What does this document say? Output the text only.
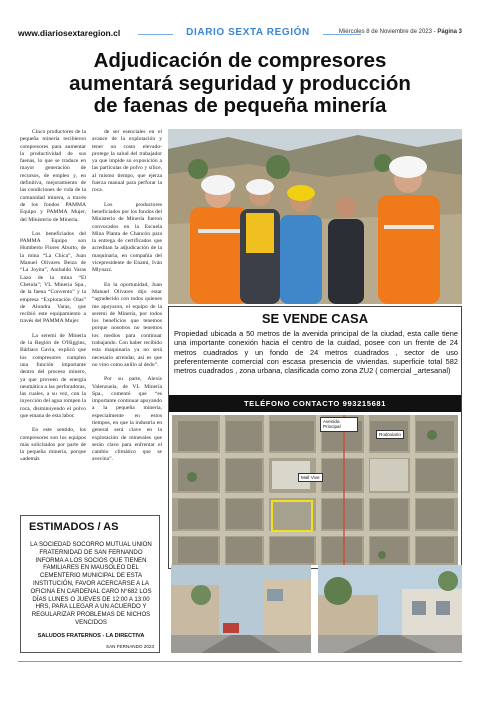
www.diariosextaregion.cl	DIARIO SEXTA REGIÓN	Miércoles 8 de Noviembre de 2023 - Página 3
Adjudicación de compresores
aumentará seguridad y producción
de faenas de pequeña minería

Cinco productores de la pequeña minería recibieron compresores para aumentar la productividad de sus faenas, lo que se traduce en mayor generación de recursos, de empleo y, en definitiva, mejoramiento de las condiciones de vida de la comunidad minera, a través de los fondos PAMMA Equipo y PAMMA Mujer, del Ministerio de Minería.

Los beneficiados del PAMMA Equipo son Humberto Flores Aburto, de la mina “La Chica”, Juan Manuel Olivares Beiza de “La Joyita”, Anibaldo Varas Lazo de la mina “El Chetula”; VL Minería Spa., de la faena “Convento” y la empresa “Explotación Olas” de Alondra Varas, que recibió este equipamiento a través del PAMMA Mujer.

La seremi de Minería de la Región de O'Higgins, Bárbara Gavia, explicó que los compresores cumplen una función importante dentro del proceso minero, ya que proveen de energía neumática a las perforadoras, las cuales, a su vez, con la inyección del agua rompen la roca, disminuyendo el polvo que emana de esta labor.

En este sentido, los compresores son los equipos más solicitados por parte de la pequeña minería, porque «además

de ser esenciales en el avance de la explotación y tener un costo elevado- protege la salud del trabajador ya que impide su exposición a las partículas de polvo y sílice, al mismo tiempo, que ejerza fuerza manual para perforar la roca.

Los productores beneficiados por los fondos del Ministerio de Minería fueron convocados en la Escuela Mina Planta de Chancón para la entrega de certificados que acreditan la adjudicación de la maquinaria, en compañía del vicepresidente de Enami, Iván Mlynarz.

En la oportunidad, Juan Manuel Olivares dijo estar “agradecido con todos quienes me apoyaron, el equipo de la seremi de Minería, por todos los beneficios que tenemos porque nosotros no tenemos los medios para continuar trabajando. Con haber recibido esta maquinaria ya no será necesario arrendar, así es que no vino como anillo al dedo”.

Por su parte, Alexis Valenzuela, de VL Minería Spa., comentó que “es importante continuar apoyando a la pequeña minería, especialmente en estos tiempos, en que la industria en general será clave en la explotación de minerales que serán clave para enfrentar el cambio climático que se avecina”.

SE VENDE CASA
Propiedad ubicada a 50 metros de la avenida principal de la ciudad, esta calle tiene una importante conexión hacia el centro de la cuidad, posee con un frente de 24 metros cuadrados y un fondo de 24 metros cuadrados , sector de uso preferentemente comercial con escasa presencia de viviendas. superficie total 582 metros cuadrados , zona urbana, clasificada como zona ZU2 ( comercial _artesanal)
TELÉFONO CONTACTO 993215681
Avenida Principal
Rodoviario
Mall Vive
ESTIMADOS / AS
LA SOCIEDAD SOCORRO MUTUAL UNION FRATERNIDAD DE SAN FERNANDO INFORMA A LOS SOCIOS QUE TIENEN FAMILIARES EN MAUSOLEO DEL CEMENTERIO MUNICIPAL DE ESTA INSTITUCIÓN, FAVOR ACERCARSE A LA OFICINA EN CARDENAL CARO N°682 LOS DÍAS LUNES O JUEVES DE 12:00 A 13:00 HRS, PARA LLEGAR A UN ACUERDO Y REGULARIZAR PROBLEMAS DE NICHOS VENCIDOS
SALUDOS FRATERNOS - LA DIRECTIVA
SAN FERNANDO 2023
